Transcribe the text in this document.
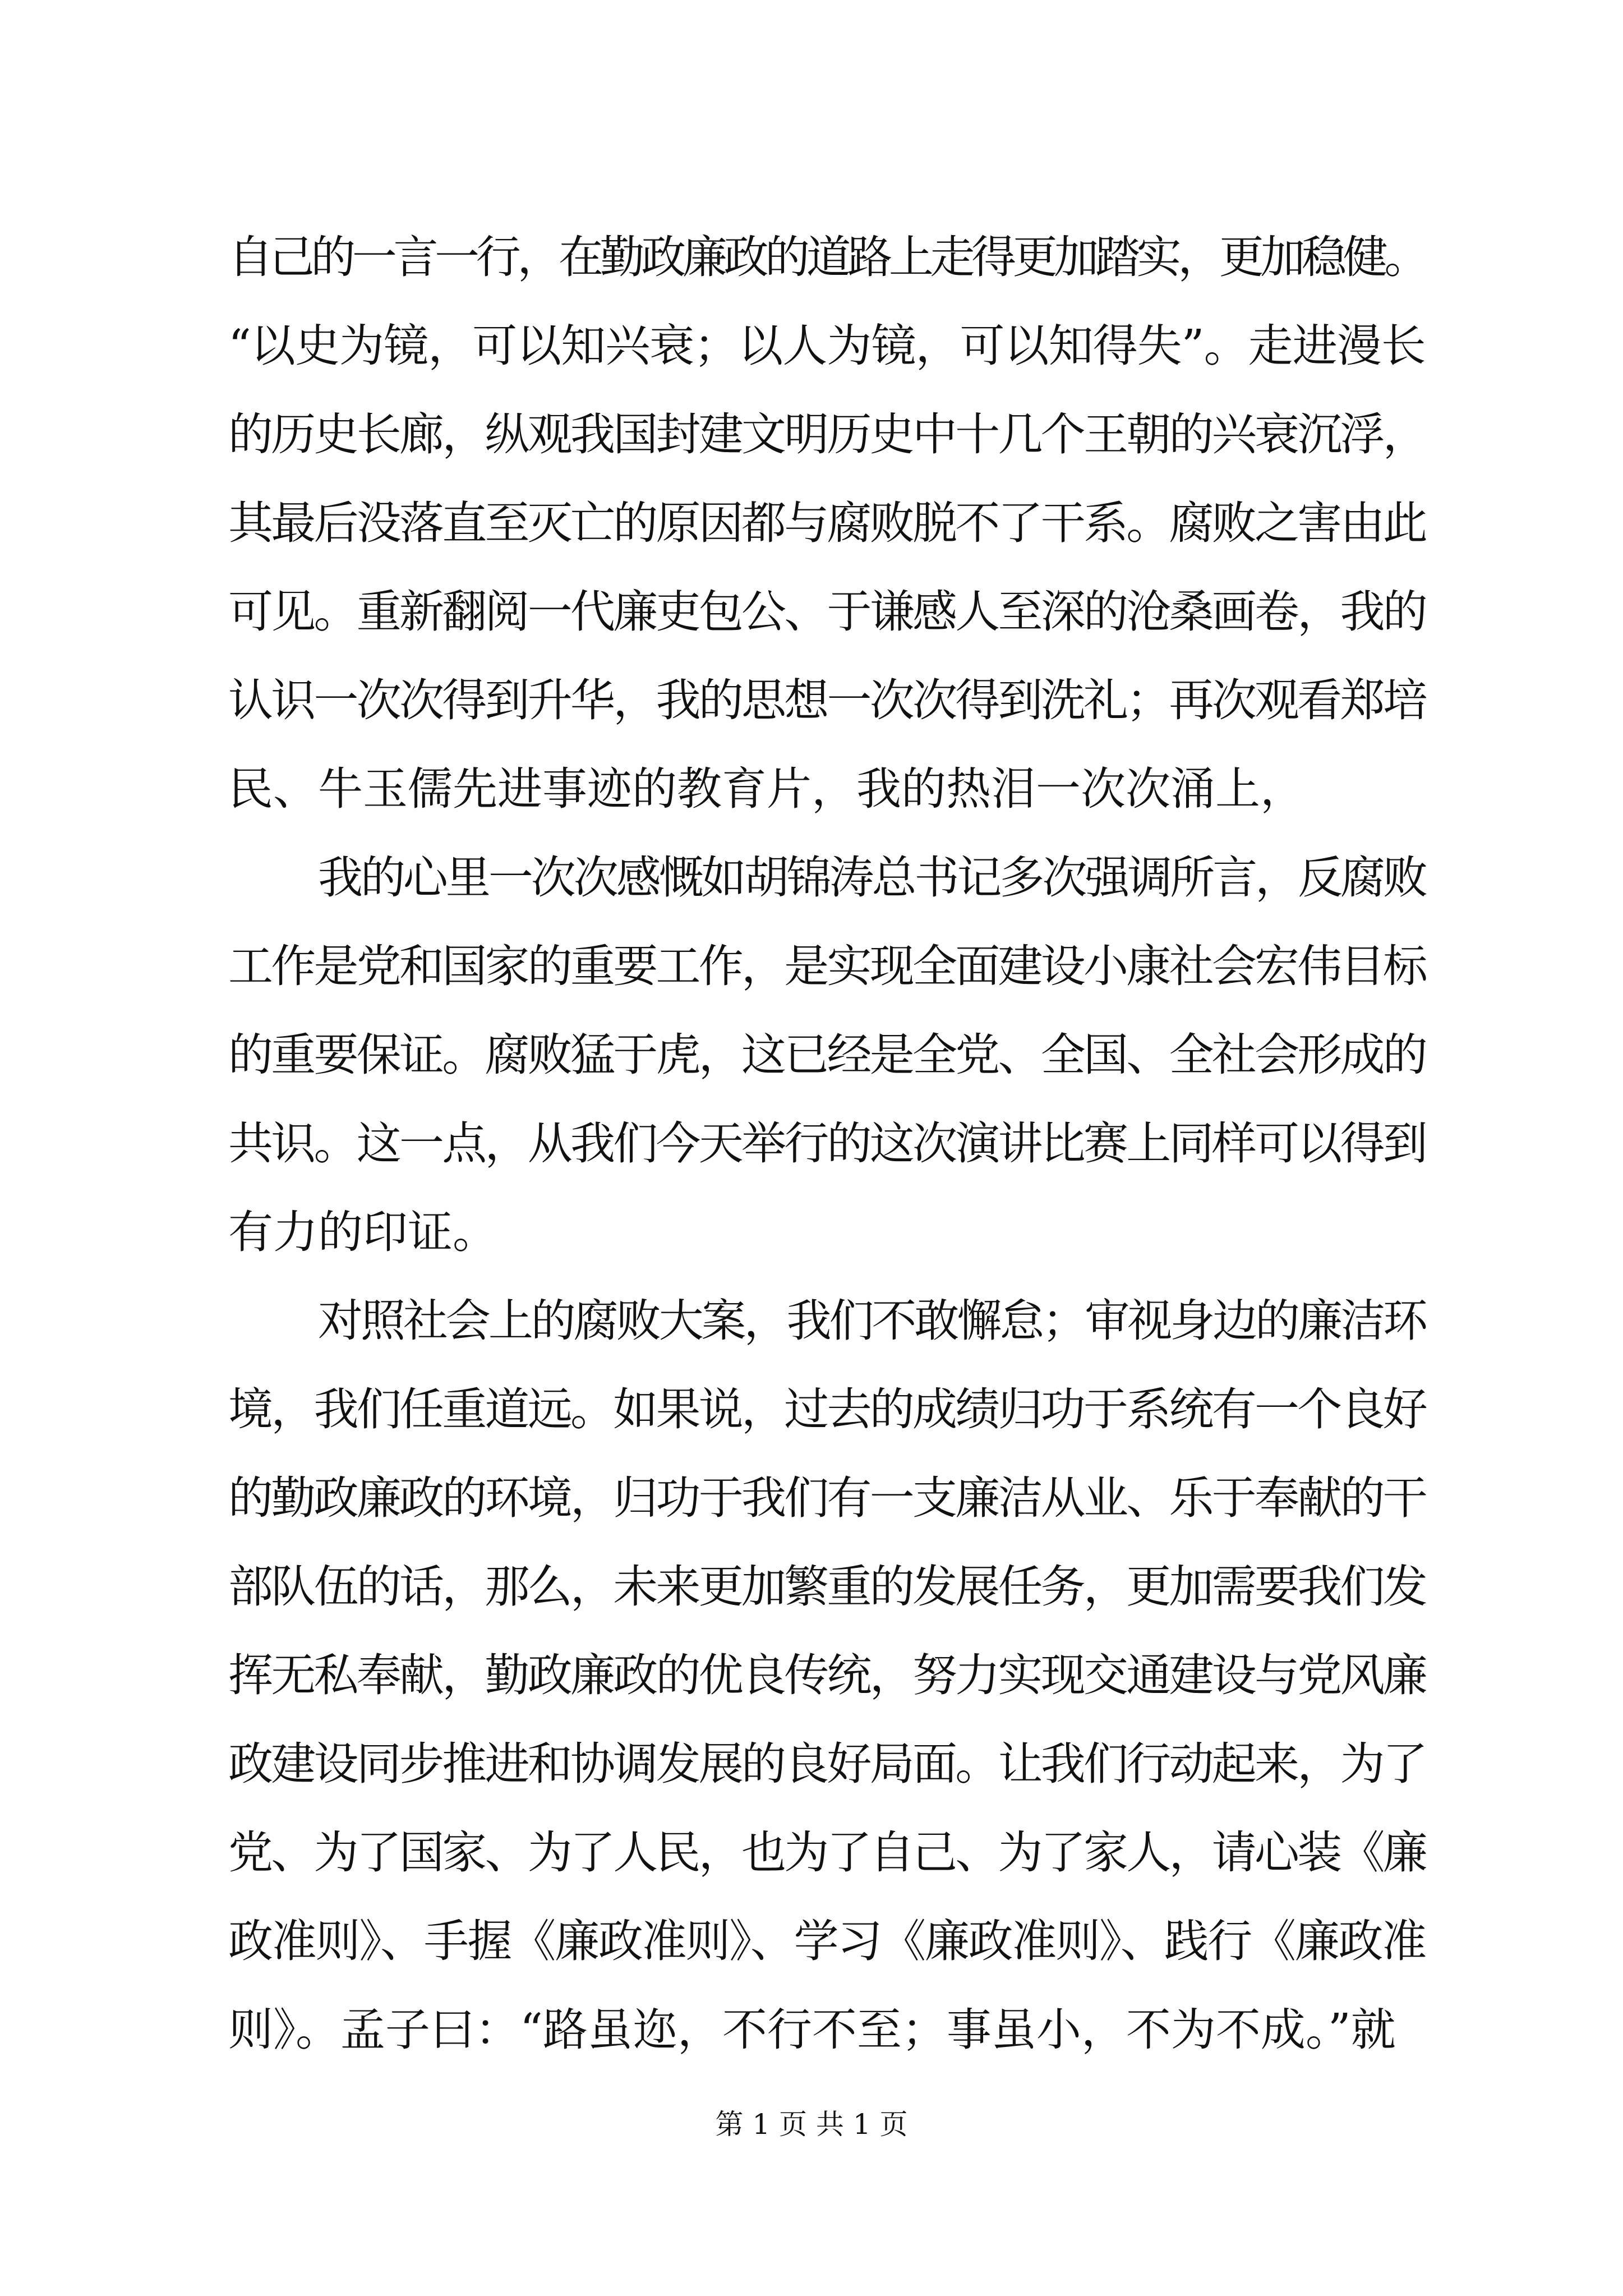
自己的一言一行，在勤政廉政的道路上走得更加踏实，更加稳健。
“以史为镜，可以知兴衰；以人为镜，可以知得失”。走进漫长
的历史长廊，纵观我国封建文明历史中十几个王朝的兴衰沉浮，
其最后没落直至灭亡的原因都与腐败脱不了干系。腐败之害由此
可见。重新翻阅一代廉吏包公、于谦感人至深的沧桑画卷，我的
认识一次次得到升华，我的思想一次次得到洗礼；再次观看郑培
民、牛玉儒先进事迹的教育片，我的热泪一次次涌上，
我的心里一次次感慨如胡锦涛总书记多次强调所言，反腐败
工作是党和国家的重要工作，是实现全面建设小康社会宏伟目标
的重要保证。腐败猛于虎，这已经是全党、全国、全社会形成的
共识。这一点，从我们今天举行的这次演讲比赛上同样可以得到
有力的印证。
对照社会上的腐败大案，我们不敢懈怠；审视身边的廉洁环
境，我们任重道远。如果说，过去的成绩归功于系统有一个良好
的勤政廉政的环境，归功于我们有一支廉洁从业、乐于奉献的干
部队伍的话，那么，未来更加繁重的发展任务，更加需要我们发
挥无私奉献，勤政廉政的优良传统，努力实现交通建设与党风廉
政建设同步推进和协调发展的良好局面。让我们行动起来，为了
党、为了国家、为了人民，也为了自己、为了家人，请心装《廉
政准则》、手握《廉政准则》、学习《廉政准则》、践行《廉政准
则》。孟子曰：“路虽迩，不行不至；事虽小，不为不成。”就
第 1 页 共 1 页
